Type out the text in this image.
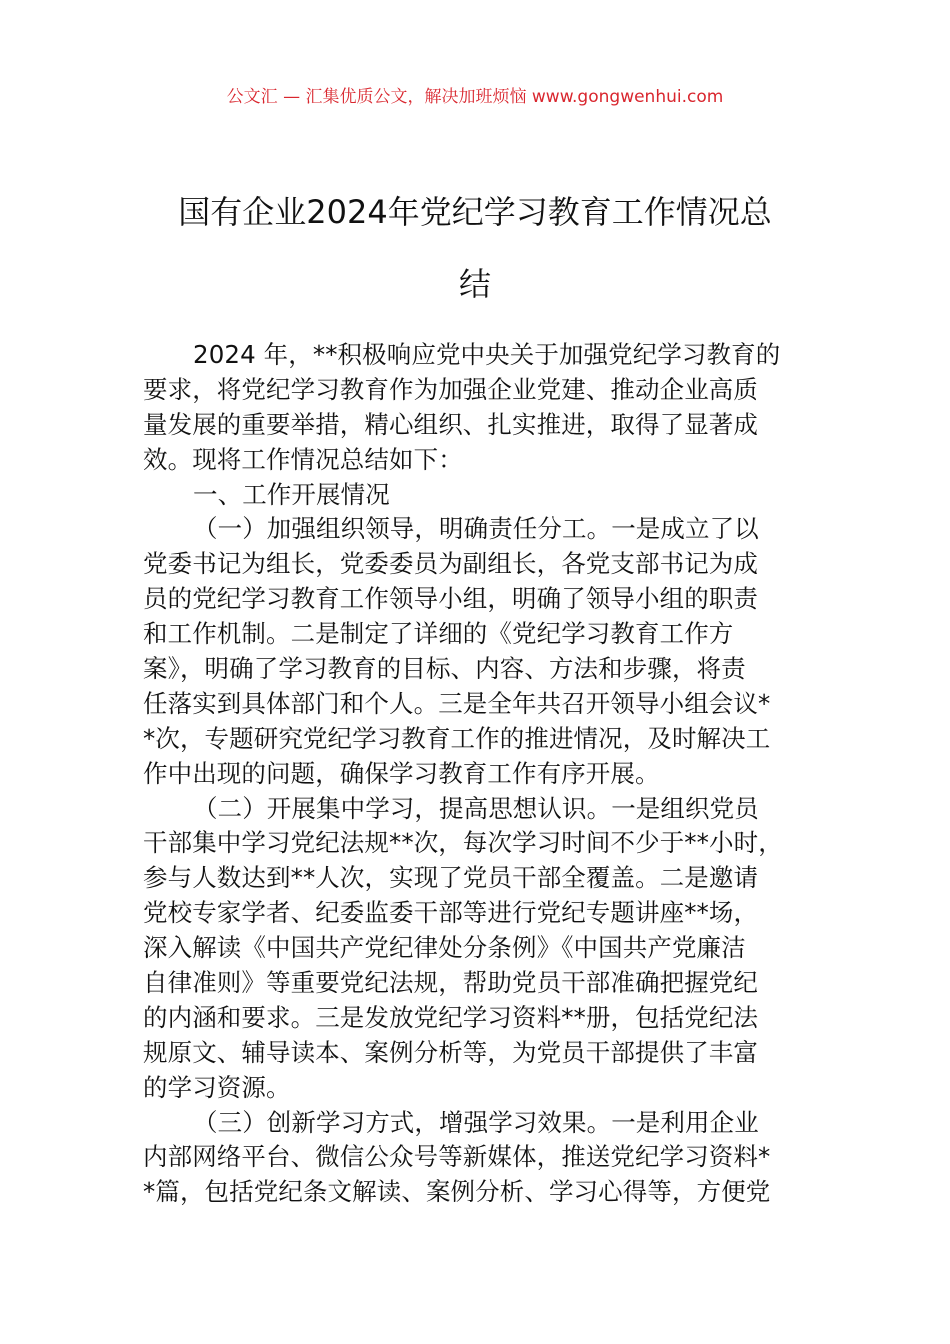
公文汇 — 汇集优质公文，解决加班烦恼 www.gongwenhui.com
国有企业2024年党纪学习教育工作情况总
结
2024 年，**积极响应党中央关于加强党纪学习教育的
要求，将党纪学习教育作为加强企业党建、推动企业高质
量发展的重要举措，精心组织、扎实推进，取得了显著成
效。现将工作情况总结如下：
一、工作开展情况
（一）加强组织领导，明确责任分工。一是成立了以
党委书记为组长，党委委员为副组长，各党支部书记为成
员的党纪学习教育工作领导小组，明确了领导小组的职责
和工作机制。二是制定了详细的《党纪学习教育工作方
案》，明确了学习教育的目标、内容、方法和步骤，将责
任落实到具体部门和个人。三是全年共召开领导小组会议*
*次，专题研究党纪学习教育工作的推进情况，及时解决工
作中出现的问题，确保学习教育工作有序开展。
（二）开展集中学习，提高思想认识。一是组织党员
干部集中学习党纪法规**次，每次学习时间不少于**小时，
参与人数达到**人次，实现了党员干部全覆盖。二是邀请
党校专家学者、纪委监委干部等进行党纪专题讲座**场，
深入解读《中国共产党纪律处分条例》《中国共产党廉洁
自律准则》等重要党纪法规，帮助党员干部准确把握党纪
的内涵和要求。三是发放党纪学习资料**册，包括党纪法
规原文、辅导读本、案例分析等，为党员干部提供了丰富
的学习资源。
（三）创新学习方式，增强学习效果。一是利用企业
内部网络平台、微信公众号等新媒体，推送党纪学习资料*
*篇，包括党纪条文解读、案例分析、学习心得等，方便党
